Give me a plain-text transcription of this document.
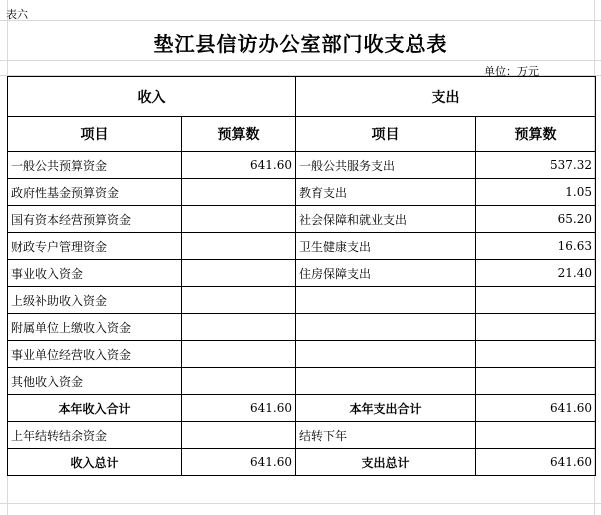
表六
垫江县信访办公室部门收支总表
单位：万元
收入		支出	
项目	预算数	项目	预算数
一般公共预算资金	641.60	一般公共服务支出	537.32
政府性基金预算资金		教育支出	1.05
国有资本经营预算资金		社会保障和就业支出	65.20
财政专户管理资金		卫生健康支出	16.63
事业收入资金		住房保障支出	21.40
上级补助收入资金			
附属单位上缴收入资金			
事业单位经营收入资金			
其他收入资金			
本年收入合计	641.60	本年支出合计	641.60
上年结转结余资金		结转下年	
收入总计	641.60	支出总计	641.60
